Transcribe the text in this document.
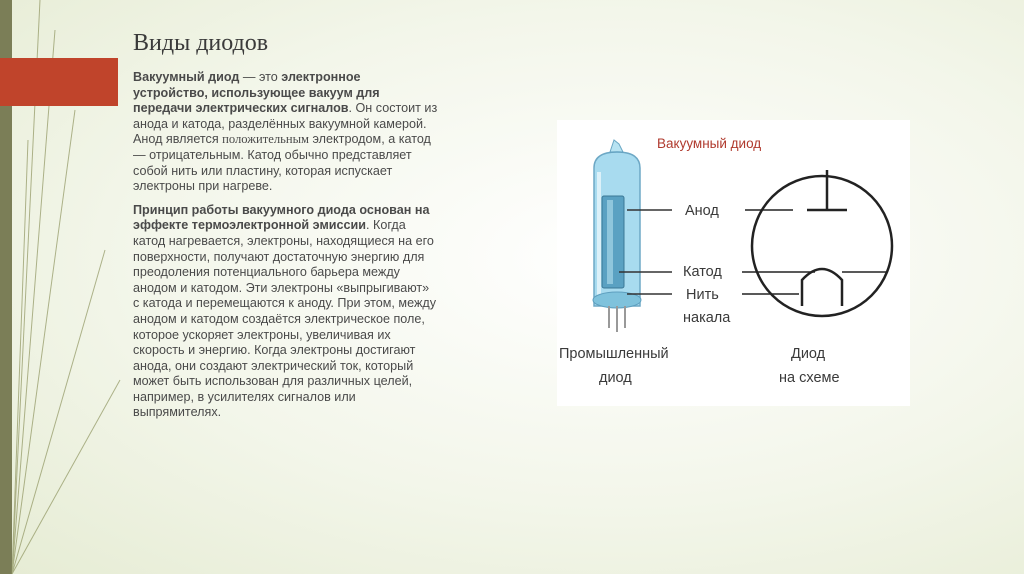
Виды диодов

Вакуумный диод — это электронное устройство, использующее вакуум для передачи электрических сигналов. Он состоит из анода и катода, разделённых вакуумной камерой. Анод является положительным электродом, а катод — отрицательным. Катод обычно представляет собой нить или пластину, которая испускает электроны при нагреве.

Принцип работы вакуумного диода основан на эффекте термоэлектронной эмиссии. Когда катод нагревается, электроны, находящиеся на его поверхности, получают достаточную энергию для преодоления потенциального барьера между анодом и катодом. Эти электроны «выпрыгивают» с катода и перемещаются к аноду. При этом, между анодом и катодом создаётся электрическое поле, которое ускоряет электроны, увеличивая их скорость и энергию. Когда электроны достигают анода, они создают электрический ток, который может быть использован для различных целей, например, в усилителях сигналов или выпрямителях.

Вакуумный диод
Анод
Катод
Нить
накала
Промышленный
диод
Диод
на схеме
